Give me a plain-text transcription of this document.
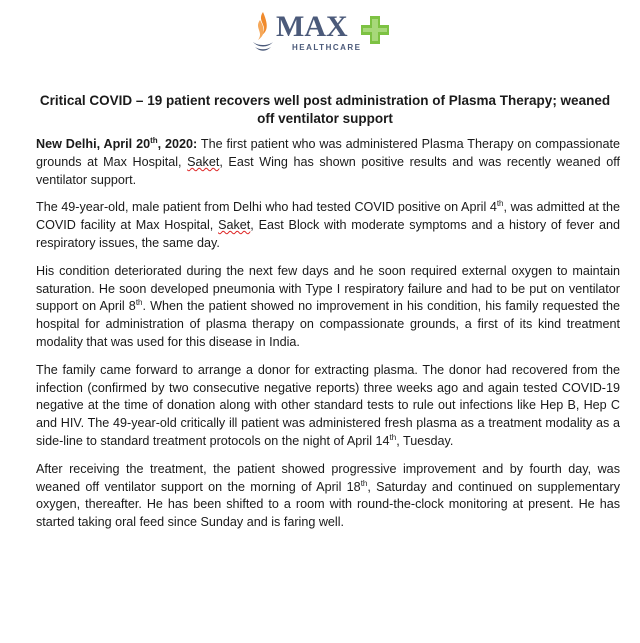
MAX
HEALTHCARE
Critical COVID – 19 patient recovers well post administration of Plasma Therapy; weaned off ventilator support

New Delhi, April 20th, 2020: The first patient who was administered Plasma Therapy on compassionate grounds at Max Hospital, Saket, East Wing has shown positive results and was recently weaned off ventilator support.

The 49-year-old, male patient from Delhi who had tested COVID positive on April 4th, was admitted at the COVID facility at Max Hospital, Saket, East Block with moderate symptoms and a history of fever and respiratory issues, the same day.

His condition deteriorated during the next few days and he soon required external oxygen to maintain saturation. He soon developed pneumonia with Type I respiratory failure and had to be put on ventilator support on April 8th. When the patient showed no improvement in his condition, his family requested the hospital for administration of plasma therapy on compassionate grounds, a first of its kind treatment modality that was used for this disease in India.

The family came forward to arrange a donor for extracting plasma. The donor had recovered from the infection (confirmed by two consecutive negative reports) three weeks ago and again tested COVID-19 negative at the time of donation along with other standard tests to rule out infections like Hep B, Hep C and HIV. The 49-year-old critically ill patient was administered fresh plasma as a treatment modality as a side-line to standard treatment protocols on the night of April 14th, Tuesday.

After receiving the treatment, the patient showed progressive improvement and by fourth day, was weaned off ventilator support on the morning of April 18th, Saturday and continued on supplementary oxygen, thereafter. He has been shifted to a room with round-the-clock monitoring at present. He has started taking oral feed since Sunday and is faring well.
